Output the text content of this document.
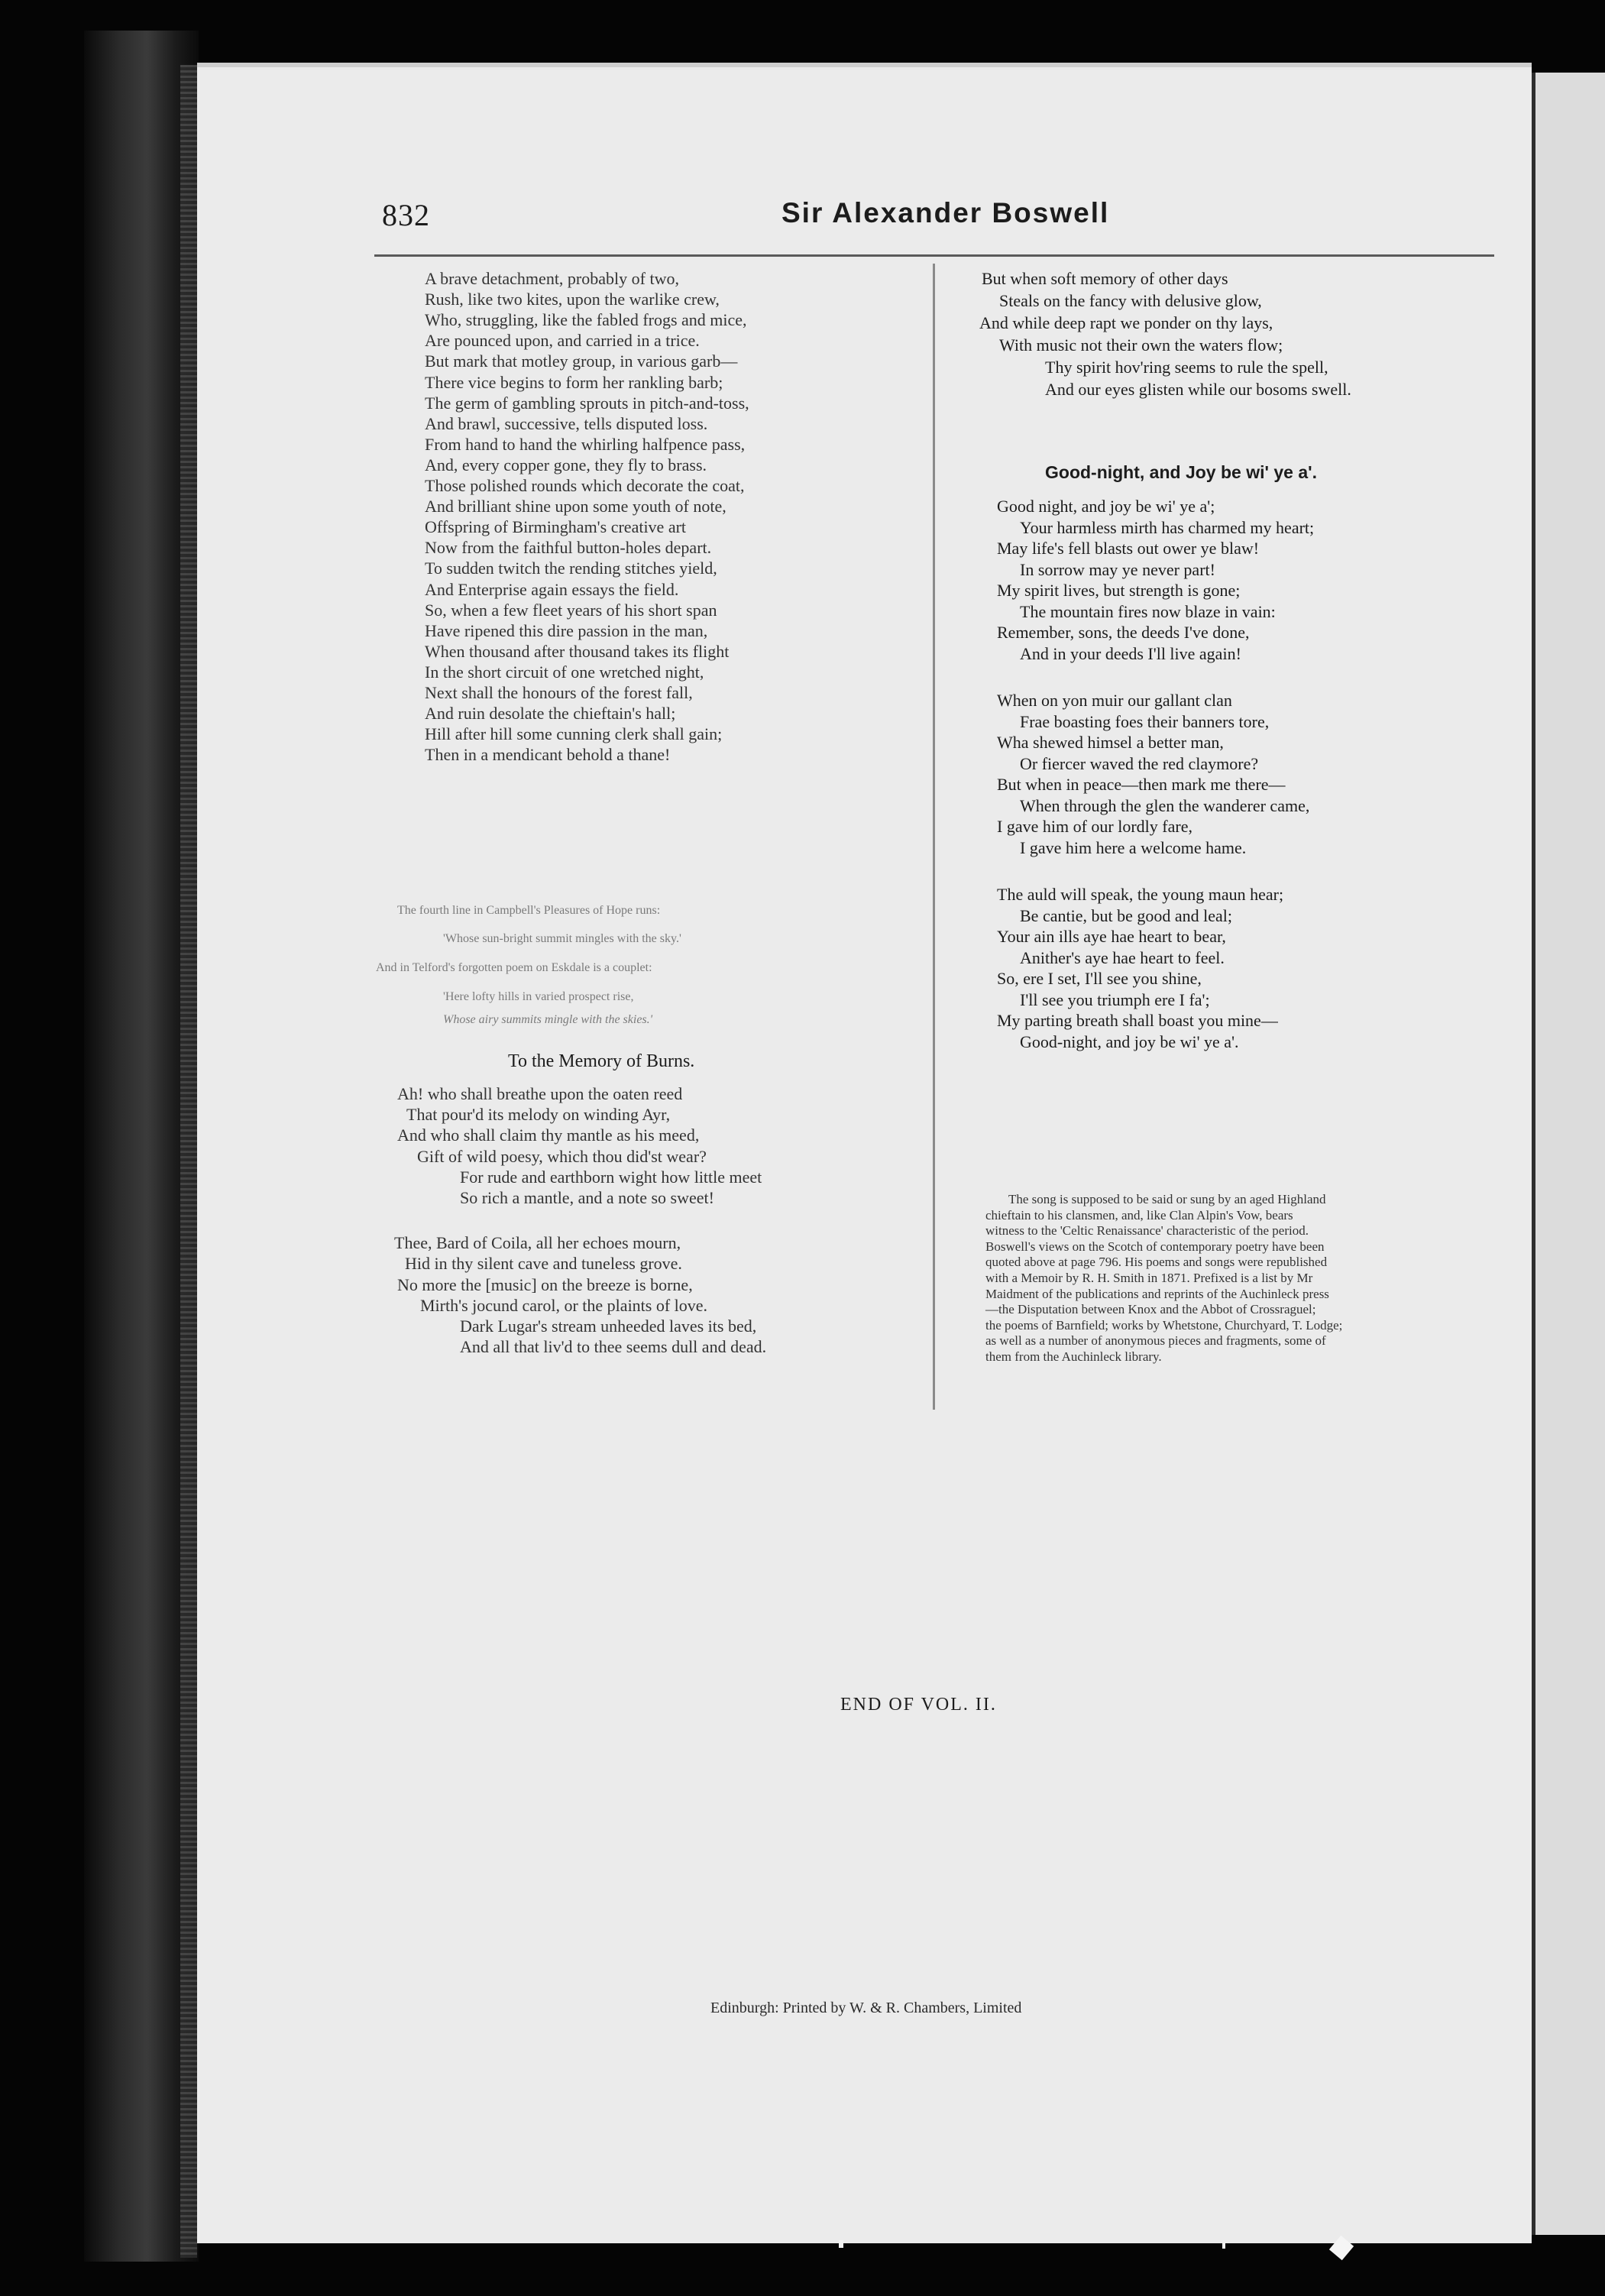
832	Sir Alexander Boswell
A brave detachment, probably of two,
Rush, like two kites, upon the warlike crew,
Who, struggling, like the fabled frogs and mice,
Are pounced upon, and carried in a trice.
But mark that motley group, in various garb—
There vice begins to form her rankling barb;
The germ of gambling sprouts in pitch-and-toss,
And brawl, successive, tells disputed loss.
From hand to hand the whirling halfpence pass,
And, every copper gone, they fly to brass.
Those polished rounds which decorate the coat,
And brilliant shine upon some youth of note,
Offspring of Birmingham's creative art
Now from the faithful button-holes depart.
To sudden twitch the rending stitches yield,
And Enterprise again essays the field.
So, when a few fleet years of his short span
Have ripened this dire passion in the man,
When thousand after thousand takes its flight
In the short circuit of one wretched night,
Next shall the honours of the forest fall,
And ruin desolate the chieftain's hall;
Hill after hill some cunning clerk shall gain;
Then in a mendicant behold a thane!
The fourth line in Campbell's Pleasures of Hope runs:
'Whose sun-bright summit mingles with the sky.'
And in Telford's forgotten poem on Eskdale is a couplet:
'Here lofty hills in varied prospect rise,
Whose airy summits mingle with the skies.'
To the Memory of Burns.
Ah! who shall breathe upon the oaten reed
That pour'd its melody on winding Ayr,
And who shall claim thy mantle as his meed,
Gift of wild poesy, which thou did'st wear?
For rude and earthborn wight how little meet
So rich a mantle, and a note so sweet!
Thee, Bard of Coila, all her echoes mourn,
Hid in thy silent cave and tuneless grove.
No more the [music] on the breeze is borne,
Mirth's jocund carol, or the plaints of love.
Dark Lugar's stream unheeded laves its bed,
And all that liv'd to thee seems dull and dead.
But when soft memory of other days
Steals on the fancy with delusive glow,
And while deep rapt we ponder on thy lays,
With music not their own the waters flow;
Thy spirit hov'ring seems to rule the spell,
And our eyes glisten while our bosoms swell.
Good-night, and Joy be wi' ye a'.
Good night, and joy be wi' ye a';
Your harmless mirth has charmed my heart;
May life's fell blasts out ower ye blaw!
In sorrow may ye never part!
My spirit lives, but strength is gone;
The mountain fires now blaze in vain:
Remember, sons, the deeds I've done,
And in your deeds I'll live again!
When on yon muir our gallant clan
Frae boasting foes their banners tore,
Wha shewed himsel a better man,
Or fiercer waved the red claymore?
But when in peace—then mark me there—
When through the glen the wanderer came,
I gave him of our lordly fare,
I gave him here a welcome hame.
The auld will speak, the young maun hear;
Be cantie, but be good and leal;
Your ain ills aye hae heart to bear,
Anither's aye hae heart to feel.
So, ere I set, I'll see you shine,
I'll see you triumph ere I fa';
My parting breath shall boast you mine—
Good-night, and joy be wi' ye a'.
The song is supposed to be said or sung by an aged Highland
chieftain to his clansmen, and, like Clan Alpin's Vow, bears
witness to the 'Celtic Renaissance' characteristic of the period.
Boswell's views on the Scotch of contemporary poetry have been
quoted above at page 796. His poems and songs were republished
with a Memoir by R. H. Smith in 1871. Prefixed is a list by Mr
Maidment of the publications and reprints of the Auchinleck press
—the Disputation between Knox and the Abbot of Crossraguel;
the poems of Barnfield; works by Whetstone, Churchyard, T. Lodge;
as well as a number of anonymous pieces and fragments, some of
them from the Auchinleck library.
END OF VOL. II.
Edinburgh: Printed by W. & R. Chambers, Limited
